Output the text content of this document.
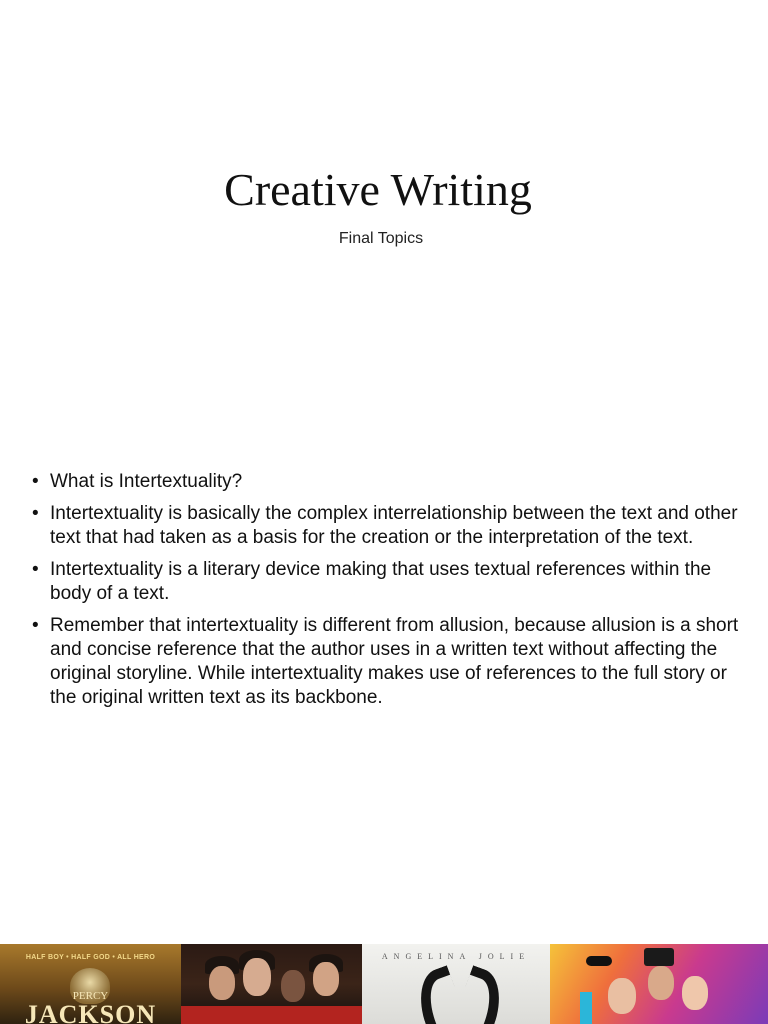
Creative Writing
Final Topics
• What is Intertextuality?
• Intertextuality is basically the complex interrelationship between the text and other text that had taken as a basis for the creation or the interpretation of the text.
• Intertextuality is a literary device making that uses textual references within the body of a text.
• Remember that intertextuality is different from allusion, because allusion is a short and concise reference that the author uses in a written text without affecting the original storyline. While intertextuality makes use of references to the full story or the original written text as its backbone.
HALF BOY • HALF GOD • ALL HERO
PERCY
JACKSON
ANGELINA JOLIE
